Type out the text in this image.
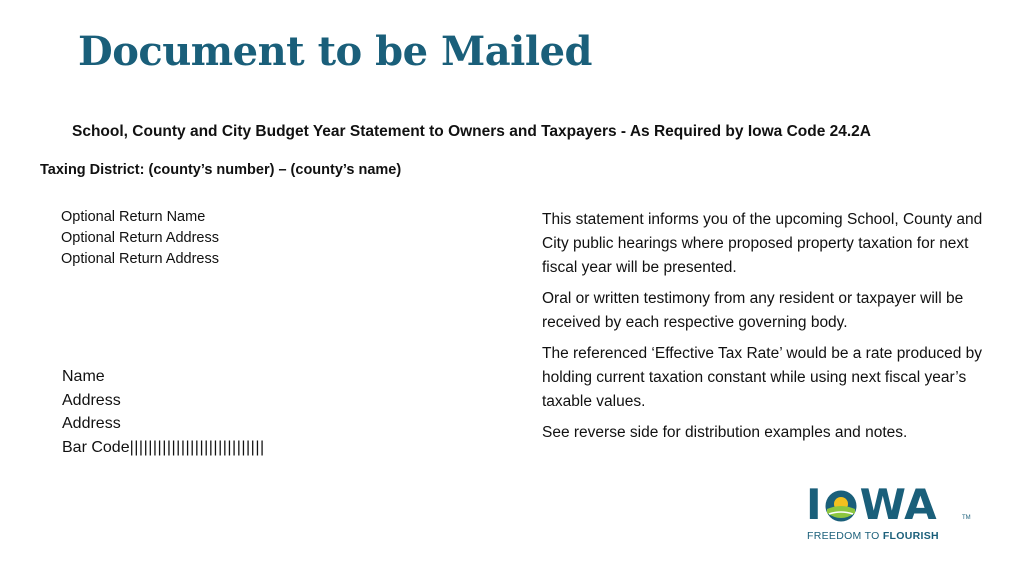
Document to be Mailed
School, County and City Budget Year Statement to Owners and Taxpayers - As Required by Iowa Code 24.2A
Taxing District: (county’s number) – (county’s name)
Optional Return Name
Optional Return Address
Optional Return Address
Name
Address
Address
Bar Code|||||||||||||||||||||||||||||

This statement informs you of the upcoming School, County and City public hearings where proposed property taxation for next fiscal year will be presented.

Oral or written testimony from any resident or taxpayer will be received by each respective governing body.

The referenced ‘Effective Tax Rate’ would be a rate produced by holding current taxation constant while using next fiscal year’s taxable values.

See reverse side for distribution examples and notes.

I WA	TM
FREEDOM TO FLOURISH
